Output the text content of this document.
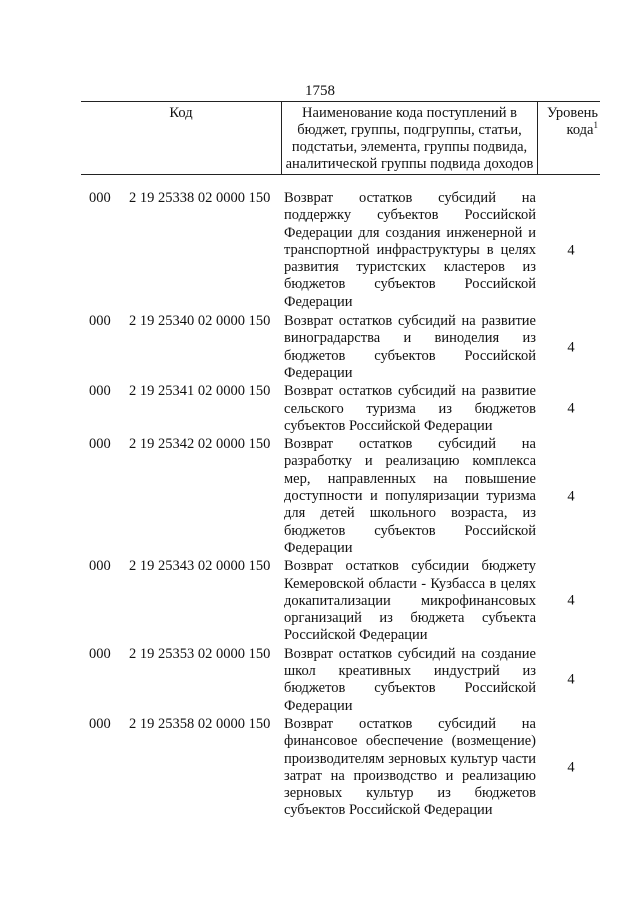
1758
Код	Наименование кода поступлений в бюджет, группы, подгруппы, статьи, подстатьи, элемента, группы подвида, аналитической группы подвида доходов
Уровень кода$^1$
000 2 19 25338 02 0000 150 Возврат остатков субсидий на поддержку субъектов Российской Федерации для создания инженерной и транспортной инфраструктуры в целях развития туристских кластеров из бюджетов субъектов Российской Федерации
4
000 2 19 25340 02 0000 150 Возврат остатков субсидий на развитие виноградарства и виноделия из бюджетов субъектов Российской Федерации
4
000 2 19 25341 02 0000 150 Возврат остатков субсидий на развитие сельского туризма из бюджетов субъектов Российской Федерации
4
000 2 19 25342 02 0000 150 Возврат остатков субсидий на разработку и реализацию комплекса мер, направленных на повышение доступности и популяризации туризма для детей школьного возраста, из бюджетов субъектов Российской Федерации
4
000 2 19 25343 02 0000 150 Возврат остатков субсидии бюджету Кемеровской области - Кузбасса в целях докапитализации микрофинансовых организаций из бюджета субъекта Российской Федерации
4
000 2 19 25353 02 0000 150 Возврат остатков субсидий на создание школ креативных индустрий из бюджетов субъектов Российской Федерации
4
000 2 19 25358 02 0000 150 Возврат остатков субсидий на финансовое обеспечение (возмещение) производителям зерновых культур части затрат на производство и реализацию зерновых культур из бюджетов субъектов Российской Федерации
4
